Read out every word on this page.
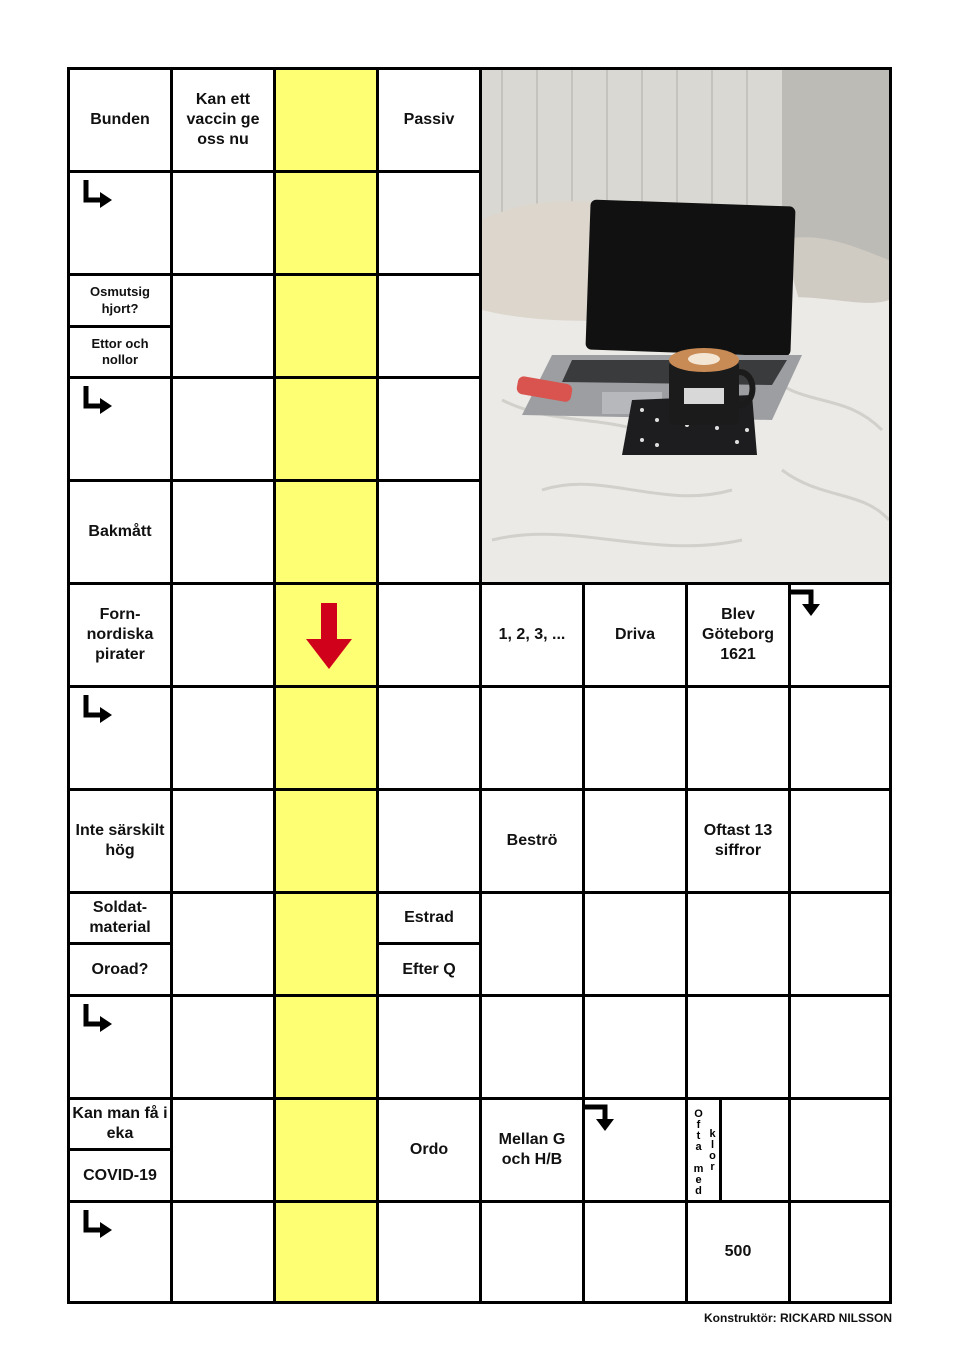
Bunden
Kan ett vaccin ge oss nu
Passiv
Osmutsig hjort?
Ettor och nollor
Bakmått
Forn-nordiska pirater
1, 2, 3, ...	Driva
Blev Göteborg 1621
Inte särskilt hög
Beströ
Oftast 13 siffror
Soldat-material
Oroad?
Estrad
Efter Q
Kan man få i eka
COVID-19
Ordo
Mellan G och H/B	Ofta med klor
500
Konstruktör: RICKARD NILSSON
